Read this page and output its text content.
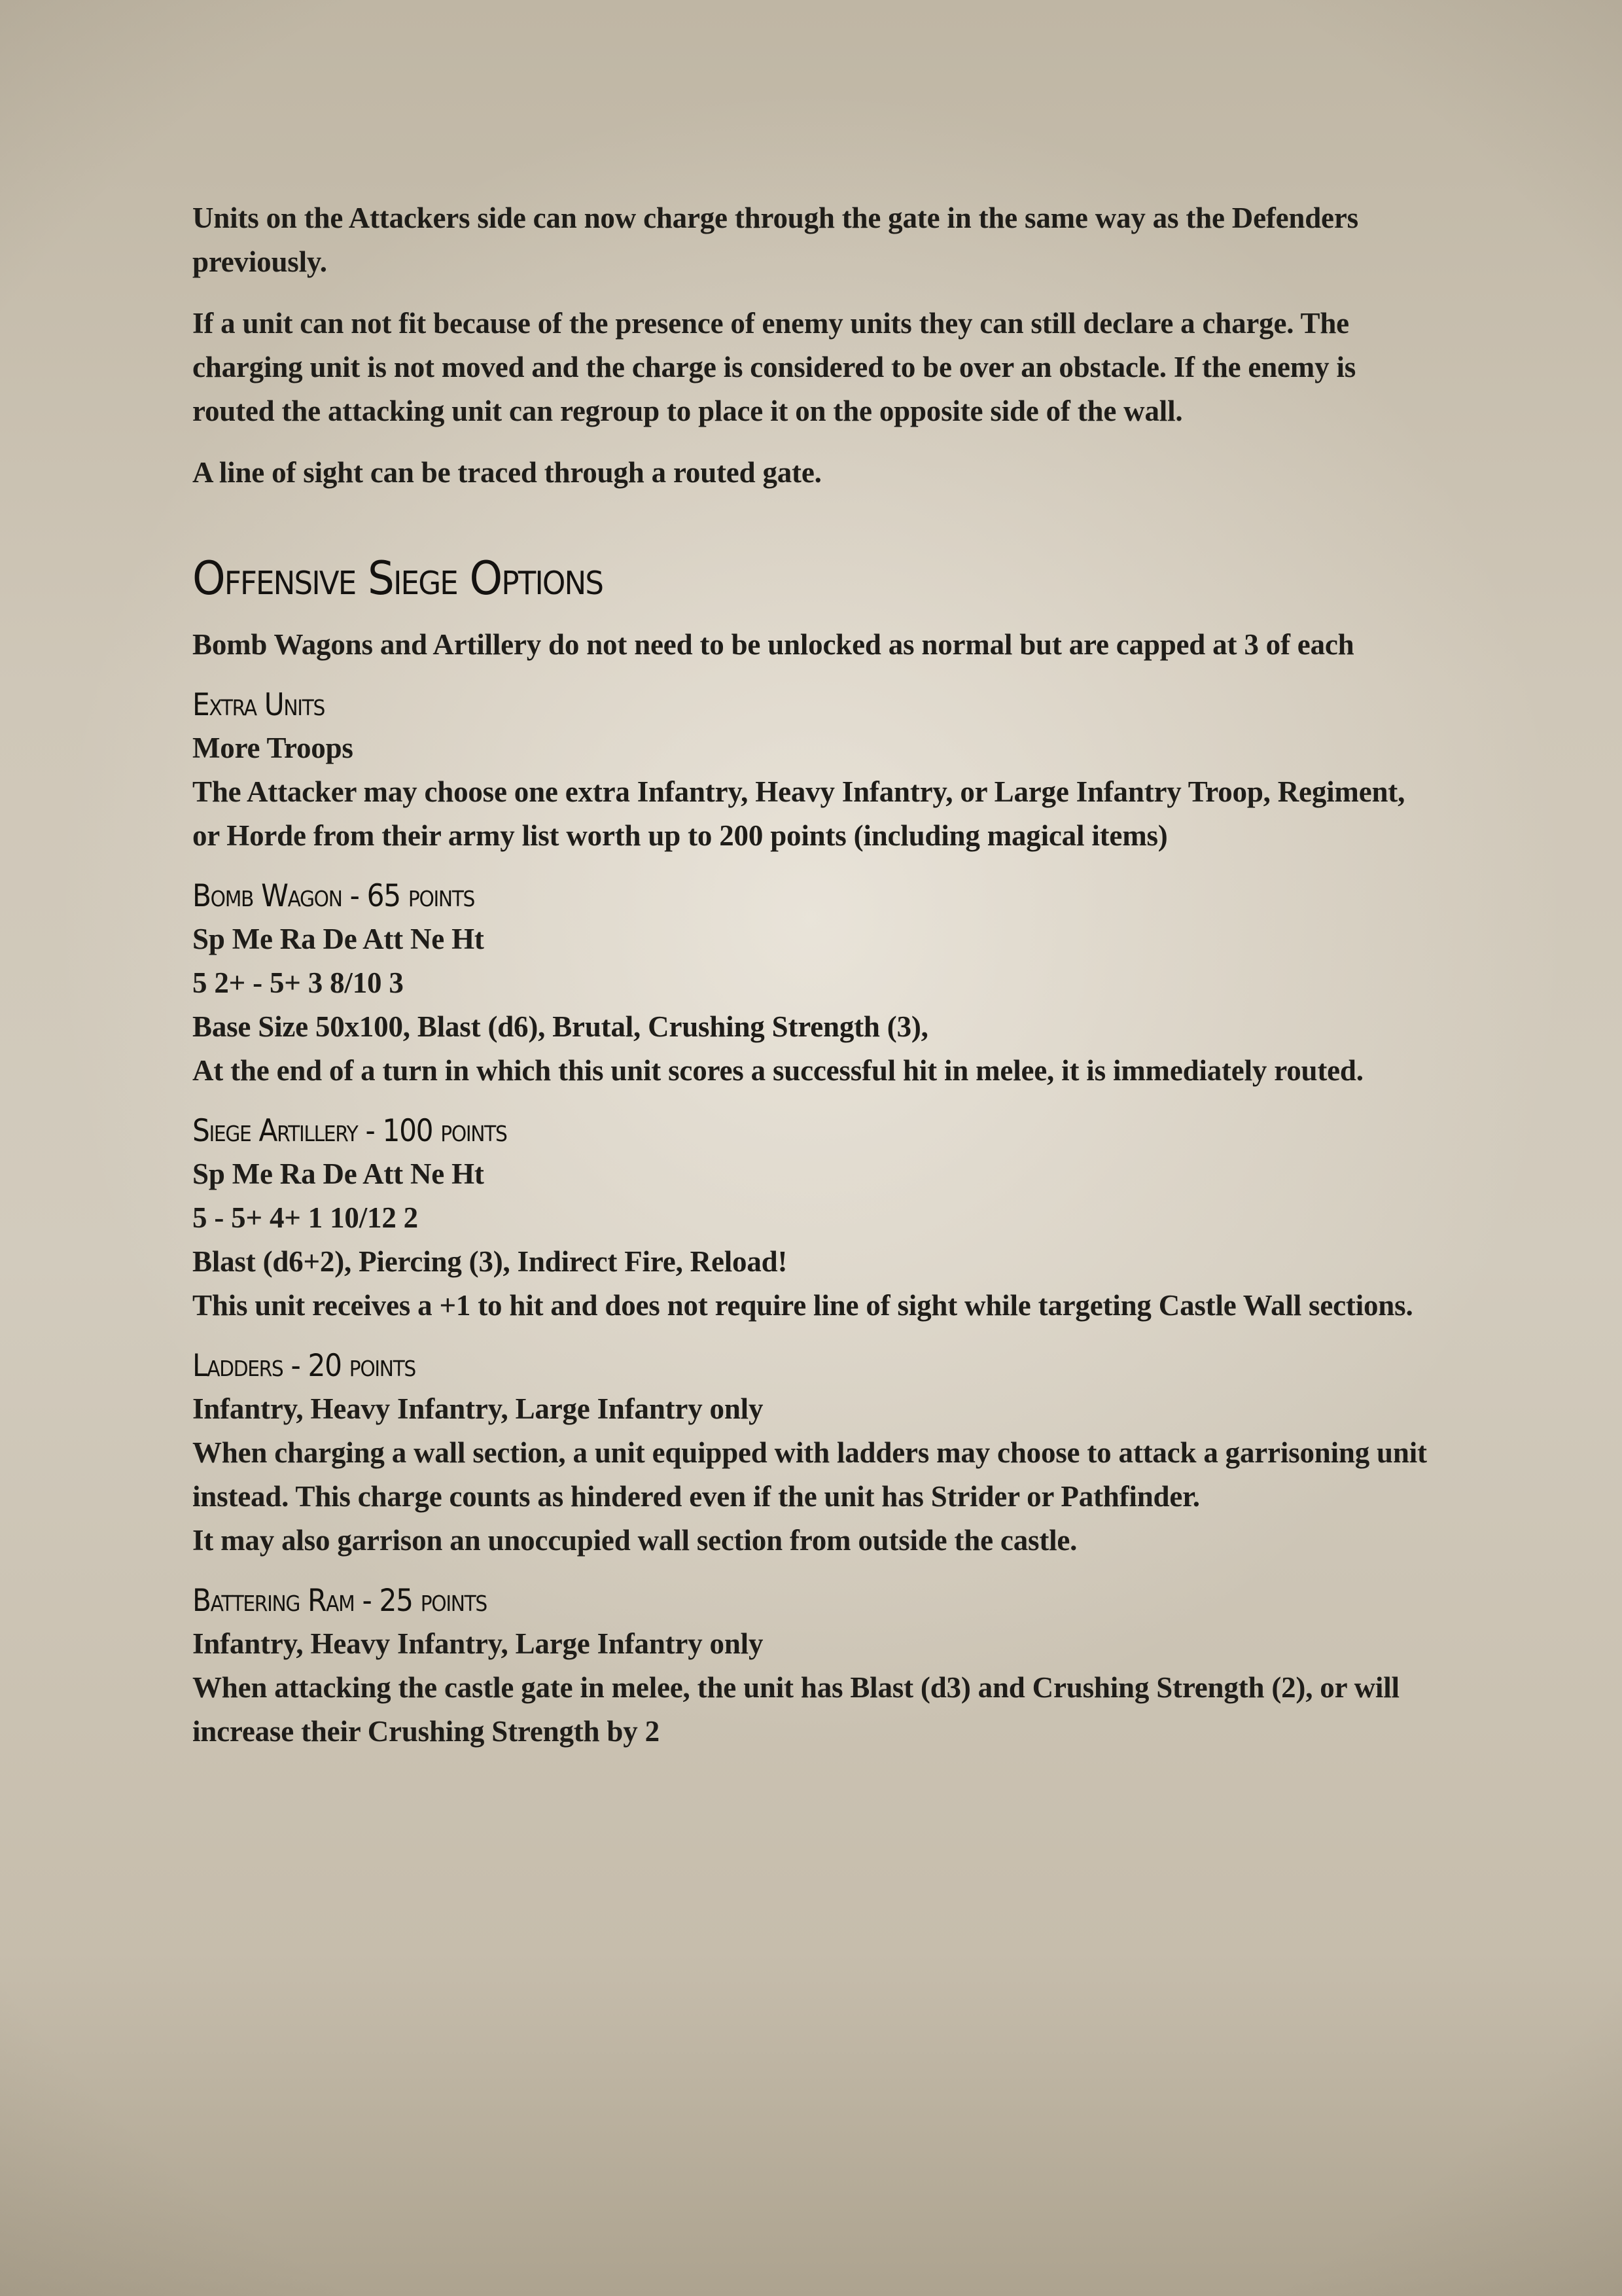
Units on the Attackers side can now charge through the gate in the same way as the Defenders previously.

If a unit can not fit because of the presence of enemy units they can still declare a charge. The charging unit is not moved and the charge is considered to be over an obstacle. If the enemy is routed the attacking unit can regroup to place it on the opposite side of the wall.

A line of sight can be traced through a routed gate.

Offensive Siege Options

Bomb Wagons and Artillery do not need to be unlocked as normal but are capped at 3 of each

Extra Units

More Troops

The Attacker may choose one extra Infantry, Heavy Infantry, or Large Infantry Troop, Regiment, or Horde from their army list worth up to 200 points (including magical items)

Bomb Wagon - 65 points

Sp Me Ra De Att Ne Ht

5 2+ - 5+ 3 8/10 3

Base Size 50x100, Blast (d6), Brutal, Crushing Strength (3),

At the end of a turn in which this unit scores a successful hit in melee, it is immediately routed.

Siege Artillery - 100 points

Sp Me Ra De Att Ne Ht

5 - 5+ 4+ 1 10/12 2

Blast (d6+2), Piercing (3), Indirect Fire, Reload!

This unit receives a +1 to hit and does not require line of sight while targeting Castle Wall sections.

Ladders - 20 points

Infantry, Heavy Infantry, Large Infantry only

When charging a wall section, a unit equipped with ladders may choose to attack a garrisoning unit instead. This charge counts as hindered even if the unit has Strider or Pathfinder.

It may also garrison an unoccupied wall section from outside the castle.

Battering Ram - 25 points

Infantry, Heavy Infantry, Large Infantry only

When attacking the castle gate in melee, the unit has Blast (d3) and Crushing Strength (2), or will increase their Crushing Strength by 2
